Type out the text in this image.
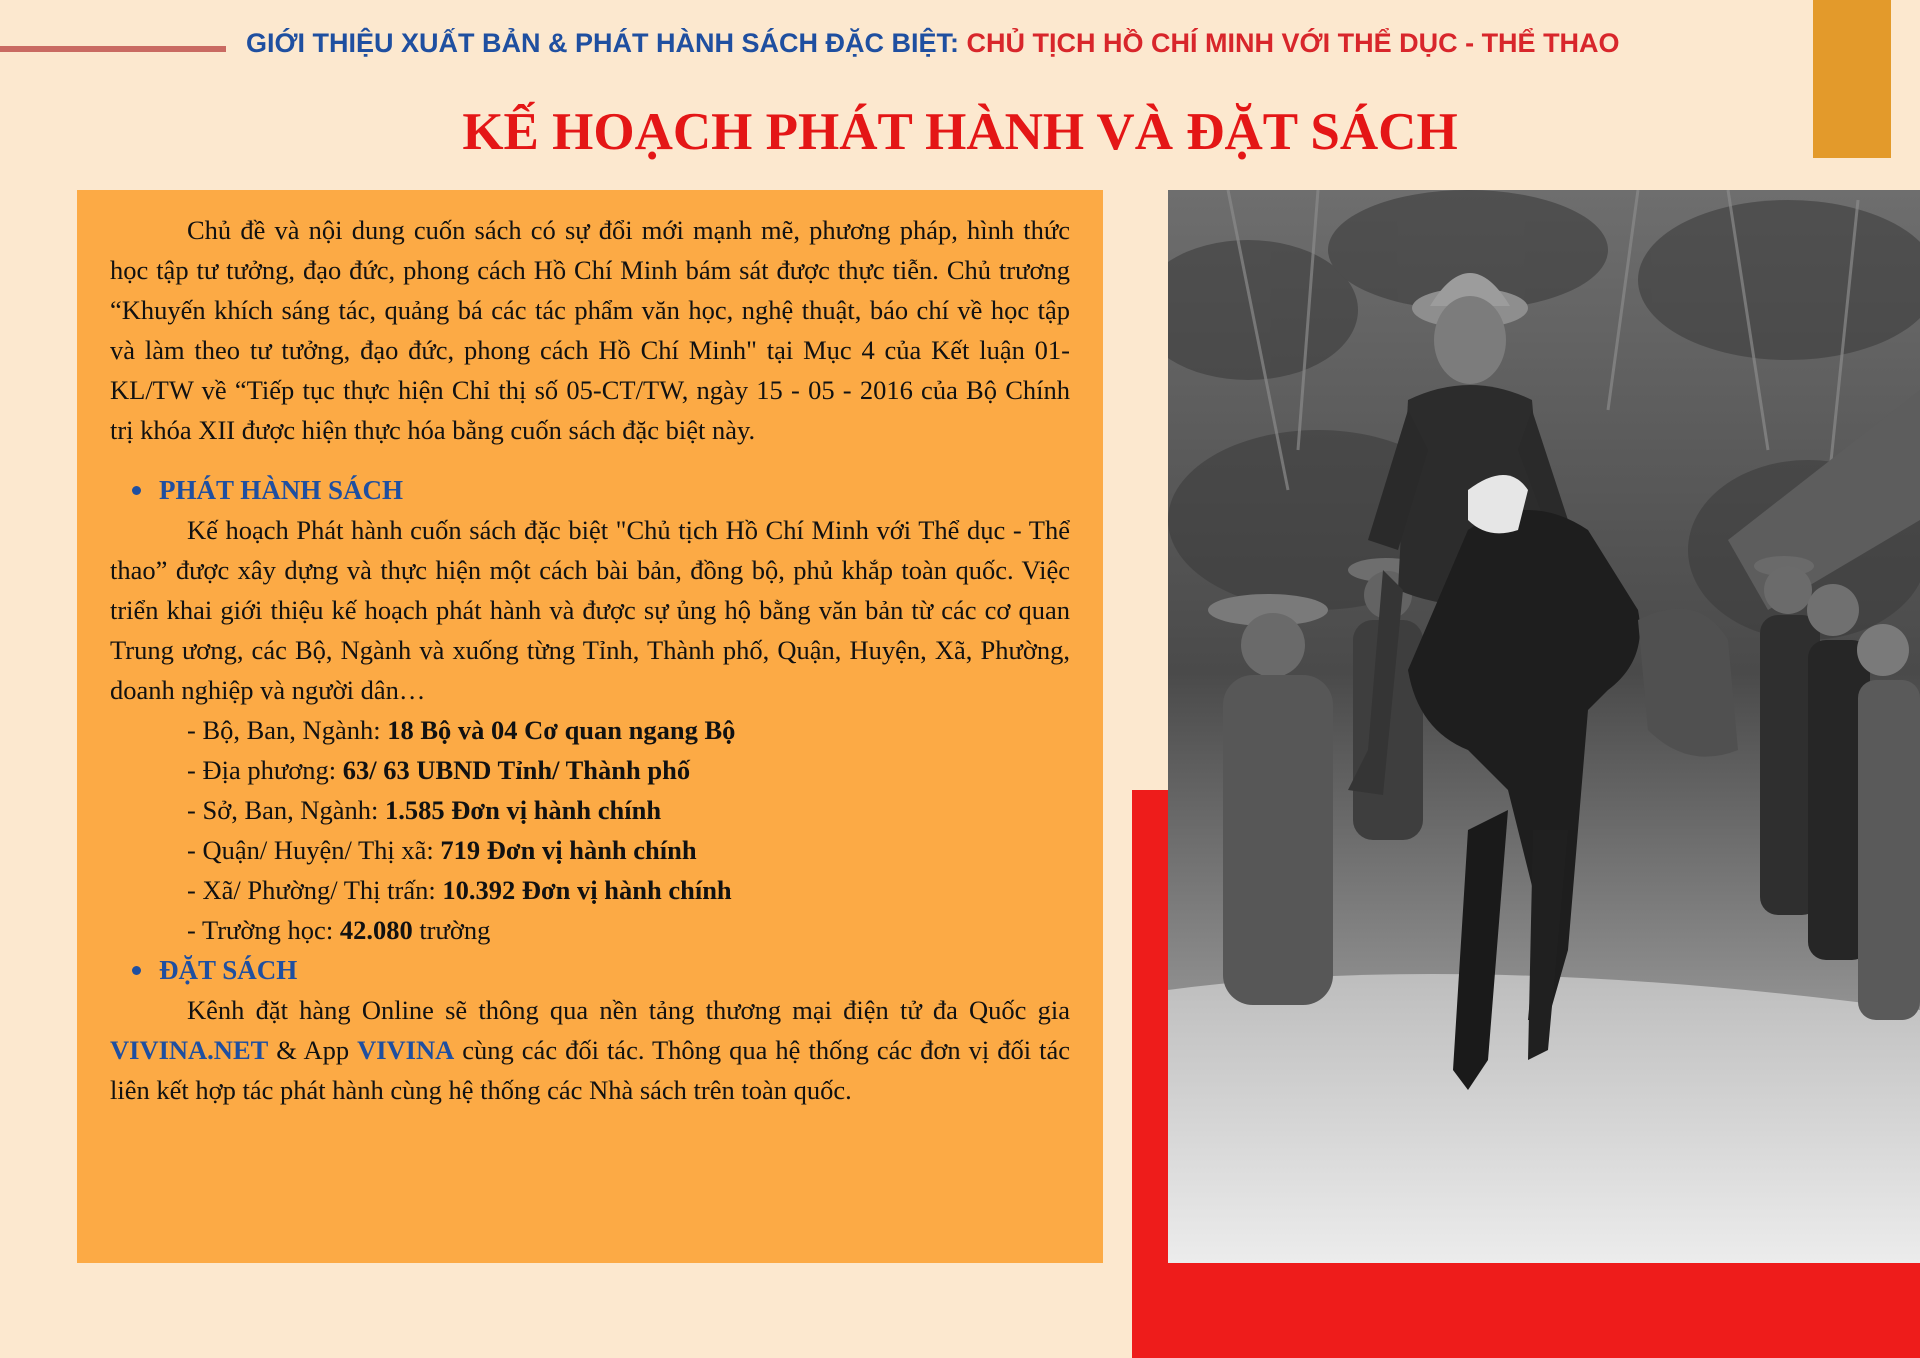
GIỚI THIỆU XUẤT BẢN & PHÁT HÀNH SÁCH ĐẶC BIỆT: CHỦ TỊCH HỒ CHÍ MINH VỚI THỂ DỤC - THỂ THAO
KẾ HOẠCH PHÁT HÀNH VÀ ĐẶT SÁCH

Chủ đề và nội dung cuốn sách có sự đổi mới mạnh mẽ, phương pháp, hình thức học tập tư tưởng, đạo đức, phong cách Hồ Chí Minh bám sát được thực tiễn. Chủ trương “Khuyến khích sáng tác, quảng bá các tác phẩm văn học, nghệ thuật, báo chí về học tập và làm theo tư tưởng, đạo đức, phong cách Hồ Chí Minh" tại Mục 4 của Kết luận 01-KL/TW về “Tiếp tục thực hiện Chỉ thị số 05-CT/TW, ngày 15 - 05 - 2016 của Bộ Chính trị khóa XII được hiện thực hóa bằng cuốn sách đặc biệt này.

PHÁT HÀNH SÁCH

Kế hoạch Phát hành cuốn sách đặc biệt "Chủ tịch Hồ Chí Minh với Thể dục - Thể thao” được xây dựng và thực hiện một cách bài bản, đồng bộ, phủ khắp toàn quốc. Việc triển khai giới thiệu kế hoạch phát hành và được sự ủng hộ bằng văn bản từ các cơ quan Trung ương, các Bộ, Ngành và xuống từng Tỉnh, Thành phố, Quận, Huyện, Xã, Phường, doanh nghiệp và người dân…

- Bộ, Ban, Ngành: 18 Bộ và 04 Cơ quan ngang Bộ

- Địa phương: 63/ 63 UBND Tỉnh/ Thành phố

- Sở, Ban, Ngành: 1.585 Đơn vị hành chính

- Quận/ Huyện/ Thị xã: 719 Đơn vị hành chính

- Xã/ Phường/ Thị trấn: 10.392 Đơn vị hành chính

- Trường học: 42.080 trường

ĐẶT SÁCH

Kênh đặt hàng Online sẽ thông qua nền tảng thương mại điện tử đa Quốc gia VIVINA.NET & App VIVINA cùng các đối tác. Thông qua hệ thống các đơn vị đối tác liên kết hợp tác phát hành cùng hệ thống các Nhà sách trên toàn quốc.
